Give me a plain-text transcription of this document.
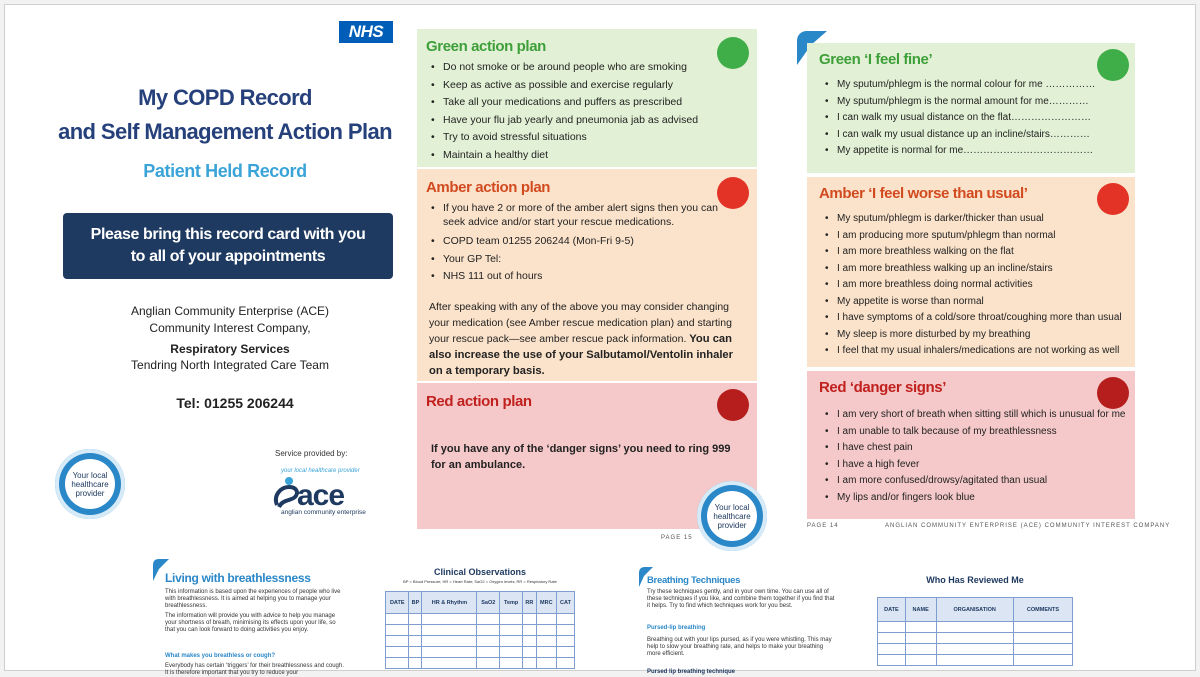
NHS
My COPD Record
and Self Management Action Plan
Patient Held Record
Please bring this record card with you
to all of your appointments
Anglian Community Enterprise (ACE)
Community Interest Company,
Respiratory Services
Tendring North Integrated Care Team
Tel: 01255 206244
Your local healthcare provider
Service provided by:
your local healthcare provider
ace
anglian community enterprise
Green action plan
• Do not smoke or be around people who are smoking
• Keep as active as possible and exercise regularly
• Take all your medications and puffers as prescribed
• Have your flu jab yearly and pneumonia jab as advised
• Try to avoid stressful situations
• Maintain a healthy diet
Amber action plan
• If you have 2 or more of the amber alert signs then you can seek advice and/or start your rescue medications.
• COPD team 01255 206244 (Mon-Fri 9-5)
• Your GP Tel:
• NHS 111 out of hours
After speaking with any of the above you may consider changing your medication (see Amber rescue medication plan) and starting your rescue pack—see amber rescue pack information. You can also increase the use of your Salbutamol/Ventolin inhaler on a temporary basis.
Red action plan
If you have any of the ‘danger signs’ you need to ring 999 for an ambulance.
PAGE 15
Your local healthcare provider
Green ‘I feel fine’
• My sputum/phlegm is the normal colour for me ……………
• My sputum/phlegm is the normal amount for me…………
• I can walk my usual distance on the flat……………………
• I can walk my usual distance up an incline/stairs…………
• My appetite is normal for me…………………………………
Amber ‘I feel worse than usual’
• My sputum/phlegm is darker/thicker than usual
• I am producing more sputum/phlegm than normal
• I am more breathless walking on the flat
• I am more breathless walking up an incline/stairs
• I am more breathless doing normal activities
• My appetite is worse than normal
• I have symptoms of a cold/sore throat/coughing more than usual
• My sleep is more disturbed by my breathing
• I feel that my usual inhalers/medications are not working as well
Red ‘danger signs’
• I am very short of breath when sitting still which is unusual for me
• I am unable to talk because of my breathlessness
• I have chest pain
• I have a high fever
• I am more confused/drowsy/agitated than usual
• My lips and/or fingers look blue
PAGE 14	ANGLIAN COMMUNITY ENTERPRISE (ACE) COMMUNITY INTEREST COMPANY
Living with breathlessness
This information is based upon the experiences of people who live with breathlessness. It is aimed at helping you to manage your breathlessness.
The information will provide you with advice to help you manage your shortness of breath, minimising its effects upon your life, so that you can look forward to doing activities you enjoy.
What makes you breathless or cough?
Everybody has certain ‘triggers’ for their breathlessness and cough. It is therefore important that you try to reduce your
Clinical Observations
BP = Blood Pressure; HR = Heart Rate; SaO2 = Oxygen levels; RR = Respiratory Rate
DATE	BP	HR & Rhythm	SaO2	Temp	RR	MRC	CAT

Breathing Techniques
Try these techniques gently, and in your own time. You can use all of these techniques if you like, and combine them together if you find that it helps. Try to find which techniques work for you best.
Pursed-lip breathing
Breathing out with your lips pursed, as if you were whistling. This may help to slow your breathing rate, and helps to make your breathing more efficient.
Pursed lip breathing technique
Who Has Reviewed Me
DATE	NAME	ORGANISATION	COMMENTS
